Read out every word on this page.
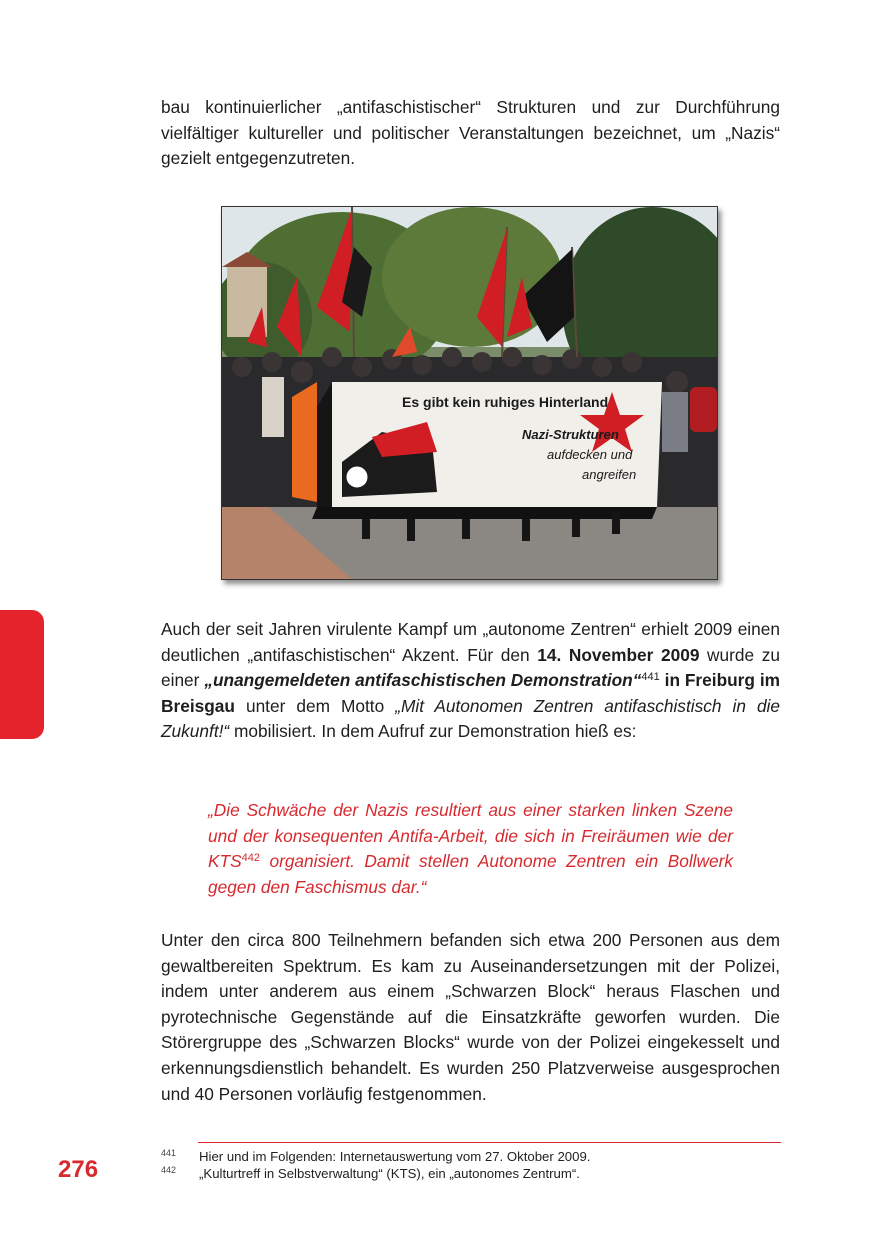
bau kontinuierlicher „antifaschistischer“ Strukturen und zur Durchführung vielfältiger kultureller und politischer Veranstaltungen bezeichnet, um „Nazis“ gezielt entgegenzutreten.

Es gibt kein ruhiges Hinterland
Nazi-Strukturen
aufdecken und
angreifen

Auch der seit Jahren virulente Kampf um „autonome Zentren“ erhielt 2009 einen deutlichen „antifaschistischen“ Akzent. Für den 14. November 2009 wurde zu einer „unangemeldeten antifaschistischen Demonstration“$^{441}$ in Freiburg im Breisgau unter dem Motto „Mit Autonomen Zentren antifaschistisch in die Zukunft!“ mobilisiert. In dem Aufruf zur Demonstration hieß es:

„Die Schwäche der Nazis resultiert aus einer starken linken Szene und der konsequenten Antifa-Arbeit, die sich in Freiräumen wie der KTS$^{442}$ organisiert. Damit stellen Autonome Zentren ein Bollwerk gegen den Faschismus dar.“

Unter den circa 800 Teilnehmern befanden sich etwa 200 Personen aus dem gewaltbereiten Spektrum. Es kam zu Auseinandersetzungen mit der Polizei, indem unter anderem aus einem „Schwarzen Block“ heraus Flaschen und pyrotechnische Gegenstände auf die Einsatzkräfte geworfen wurden. Die Störergruppe des „Schwarzen Blocks“ wurde von der Polizei eingekesselt und erkennungsdienstlich behandelt. Es wurden 250 Platzverweise ausgesprochen und 40 Personen vorläufig festgenommen.

441 Hier und im Folgenden: Internetauswertung vom 27. Oktober 2009.
442 „Kulturtreff in Selbstverwaltung“ (KTS), ein „autonomes Zentrum“.
276
